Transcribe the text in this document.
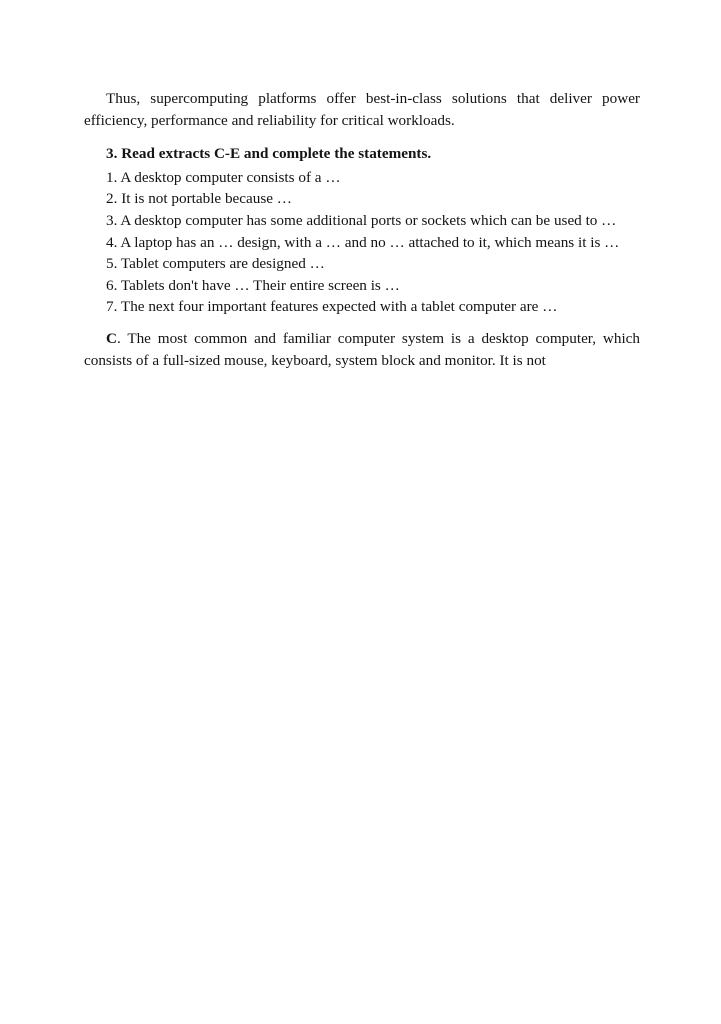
Thus, supercomputing platforms offer best-in-class solutions that deliver power efficiency, performance and reliability for critical workloads.

3. Read extracts C-E and complete the statements.

1. A desktop computer consists of a …

2. It is not portable because …

3. A desktop computer has some additional ports or sockets which can be used to …

4. A laptop has an … design, with a … and no … attached to it, which means it is …

5. Tablet computers are designed …

6. Tablets don't have … Their entire screen is …

7. The next four important features expected with a tablet computer are …

C. The most common and familiar computer system is a desktop computer, which consists of a full-sized mouse, keyboard, system block and monitor. It is not
